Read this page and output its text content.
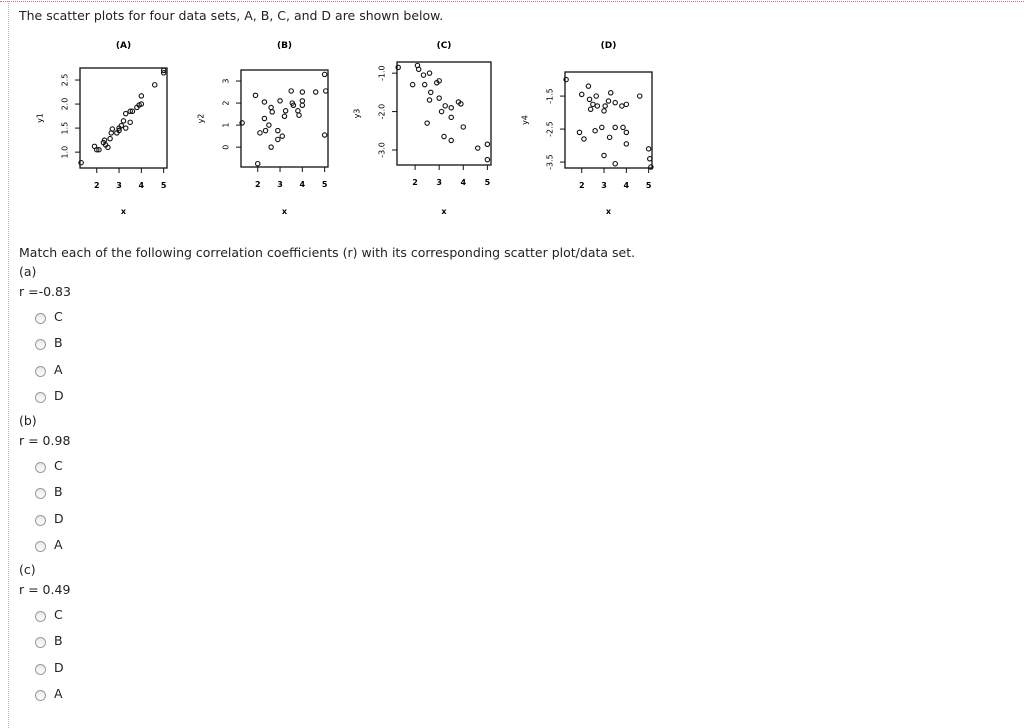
The scatter plots for four data sets, A, B, C, and D are shown below.
(A)
2 3 4 5
1.0
1.5
2.0
2.5
x
y1
(B)
2 3 4 5
0
1
2
3
x
y2
(C)
2 3 4 5
-1.0
-2.0
-3.0
x
y3
(D)
2 3 4 5
-1.5
-2.5
-3.5
x
y4
Match each of the following correlation coefficients (r) with its corresponding scatter plot/data set.
(a)
r =-0.83
C
B
A
D
(b)
r = 0.98
C
B
D
A
(c)
r = 0.49
C
B
D
A
